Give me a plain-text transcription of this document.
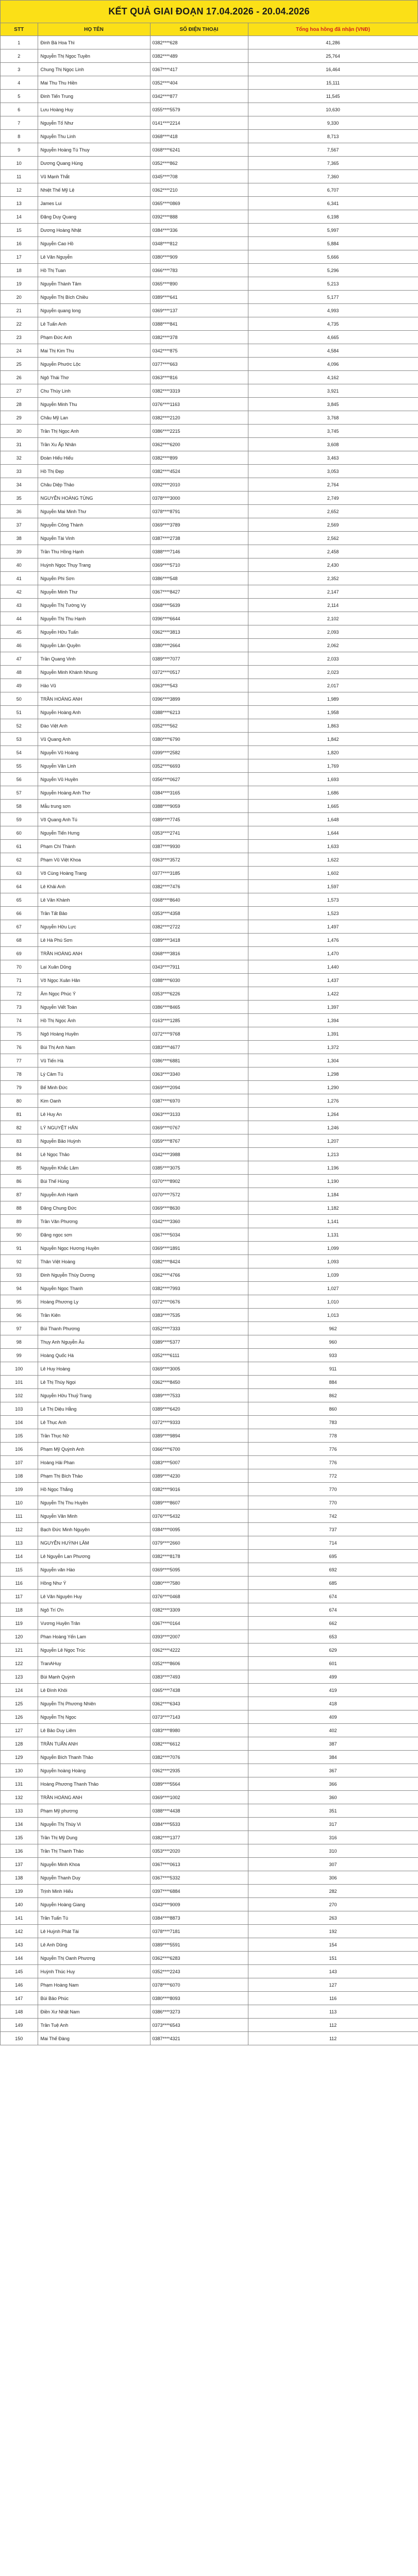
KẾT QUẢ GIAI ĐOẠN 17.04.2026 - 20.04.2026
STT	HỌ TÊN	SỐ ĐIỆN THOẠI	Tổng hoa hồng đã nhận (VNĐ)
1	Đinh Bá Hoa Thì	0382****628	41,286
2	Nguyễn Thị Ngọc Tuyền	0382****489	25,764
3	Chung Thị Ngọc Linh	0367****417	16,464
4	Mai Thu Thu Hiền	0352****404	15,111
5	Đinh Tiến Trung	0342****877	11,545
6	Lưu Hoàng Huy	0355****5579	10,630
7	Nguyễn Tố Như	0141****2214	9,330
8	Nguyễn Thu Linh	0368****418	8,713
9	Nguyễn Hoàng Tú Thuy	0368****6241	7,567
10	Dương Quang Hùng	0352****862	7,365
11	Vũ Mạnh Thắt	0345****708	7,360
12	Nhiệt Thế Mỹ Lệ	0362****210	6,707
13	James Lui	0365****0869	6,341
14	Đặng Duy Quang	0392****888	6,198
15	Dương Hoàng Nhật	0384****336	5,997
16	Nguyễn Cao Hồ	0348****812	5,884
17	Lê Văn Nguyễn	0380****909	5,666
18	Hồ Thị Tuan	0366****783	5,296
19	Nguyễn Thành Tâm	0365****890	5,213
20	Nguyễn Thị Bích Chiều	0389****641	5,177
21	Nguyễn quang long	0369****137	4,993
22	Lê Tuấn Anh	0388****841	4,735
23	Phạm Đức Anh	0382****378	4,665
24	Mai Thị Kim Thu	0342****875	4,584
25	Nguyễn Phước Lộc	0377****663	4,096
26	Ngô Thái Thơ	0363****816	4,162
27	Chu Thùy Linh	0382****3319	3,921
28	Nguyễn Minh Thu	0376****1163	3,845
29	Châu Mỹ Lan	0382****2120	3,768
30	Trần Thị Ngọc Anh	0386****2215	3,745
31	Trần Xu Ấp Nhân	0362****6200	3,608
32	Đoàn Hiếu Hiếu	0382****899	3,463
33	Hồ Thị Đẹp	0382****4524	3,053
34	Châu Diệp Thảo	0392****2010	2,764
35	NGUYỄN HOÀNG TÙNG	0378****3000	2,749
36	Nguyễn Mai Minh Thư	0378****8791	2,652
37	Nguyễn Công Thành	0369****3789	2,569
38	Nguyễn Tài Vinh	0387****2738	2,562
39	Trần Thu Hồng Hạnh	0388****7146	2,458
40	Huỳnh Ngọc Thụy Trang	0369****5710	2,430
41	Nguyễn Phi Sơn	0386****548	2,352
42	Nguyễn Minh Thư	0367****8427	2,147
43	Nguyễn Thị Tường Vy	0368****5639	2,114
44	Nguyễn Thị Thu Hạnh	0396****6644	2,102
45	Nguyễn Hữu Tuấn	0362****3813	2,093
46	Nguyễn Lân Quyền	0380****2664	2,062
47	Trần Quang Vinh	0389****7077	2,033
48	Nguyễn Minh Khánh Nhung	0372****0517	2,023
49	Hảo Vũ	0363****543	2,017
50	TRẦN HOÀNG ANH	0396****3899	1,989
51	Nguyễn Hoàng Anh	0388****6213	1,958
52	Đào Việt Anh	0352****562	1,863
53	Vũ Quang Anh	0380****6790	1,842
54	Nguyễn Vũ Hoàng	0399****2582	1,820
55	Nguyễn Văn Linh	0352****6693	1,769
56	Nguyễn Vũ Huyền	0356****0627	1,693
57	Nguyễn Hoàng Anh Thơ	0384****3165	1,686
58	Mẫu trung sơn	0388****9059	1,665
59	Võ Quang Anh Tú	0389****7745	1,648
60	Nguyễn Tiến Hưng	0353****2741	1,644
61	Phạm Chí Thành	0387****9930	1,633
62	Phạm Vũ Việt Khoa	0363****3572	1,622
63	Võ Cùng Hoàng Trang	0377****3185	1,602
64	Lê Khải Anh	0382****7476	1,597
65	Lê Vân Khánh	0368****8640	1,573
66	Trần Tất Bảo	0353****4358	1,523
67	Nguyễn Hữu Lực	0382****2722	1,497
68	Lê Hà Phú Sơn	0389****3418	1,476
69	TRẦN HOÀNG ANH	0368****3816	1,470
70	Lại Xuân Dũng	0343****7911	1,440
71	Võ Ngọc Xuân Hân	0388****6030	1,437
72	Âm Ngọc Phúc Ý	0353****6226	1,422
73	Nguyễn Viết Toàn	0386****8465	1,397
74	Hồ Thị Ngọc Ánh	0163****1285	1,394
75	Ngô Hoàng Huyền	0372****9768	1,391
76	Bùi Thị Anh Nam	0383****4677	1,372
77	Vũ Tiến Hà	0386****6881	1,304
78	Lý Cảm Tú	0363****3340	1,298
79	Bế Minh Đức	0369****2094	1,290
80	Kim Oanh	0387****6970	1,276
81	Lê Huy An	0363****3133	1,264
82	LÝ NGUYỆT HẰN	0369****0767	1,246
83	Nguyễn Bảo Huỳnh	0359****8767	1,207
84	Lê Ngọc Thảo	0342****3988	1,213
85	Nguyễn Khắc Lâm	0385****3075	1,196
86	Bùi Thế Hùng	0370****8902	1,190
87	Nguyễn Anh Hạnh	0370****7572	1,184
88	Đặng Chung Đức	0369****8630	1,182
89	Trần Văn Phương	0342****3360	1,141
90	Đặng ngọc sơn	0367****5034	1,131
91	Nguyễn Ngọc Hương Huyền	0369****1891	1,099
92	Thân Việt Hoàng	0382****8424	1,093
93	Đinh Nguyễn Thùy Dương	0362****4766	1,039
94	Nguyễn Ngọc Thanh	0382****7993	1,027
95	Hoàng Phương Ly	0372****0676	1,010
96	Trần Kiên	0383****7535	1,013
97	Bùi Thanh Phương	0352****7333	962
98	Thụy Anh Nguyễn Âu	0389****5377	960
99	Hoàng Quốc Hà	0352****6111	933
100	Lê Huy Hoàng	0369****3005	911
101	Lê Thị Thùy Ngọi	0362****8450	884
102	Nguyễn Hữu Thuỷ Trang	0389****7533	862
103	Lê Thị Diệu Hằng	0389****6420	860
104	Lê Thục Anh	0372****9333	783
105	Trần Thục Nữ	0389****9894	778
106	Phạm Mỹ Quỳnh Anh	0366****6700	776
107	Hoàng Hải Phan	0383****5007	776
108	Phạm Thị Bích Thảo	0389****4230	772
109	Hồ Ngọc Thắng	0382****9016	770
110	Nguyễn Thị Thu Huyền	0389****8607	770
111	Nguyễn Văn Minh	0376****5432	742
112	Bạch Đức Minh Nguyên	0384****0095	737
113	NGUYỄN HUỲNH LÂM	0379****2660	714
114	Lê Nguyễn Lan Phương	0382****8178	695
115	Nguyễn văn Hào	0369****5095	692
116	Hồng Như Ý	0380****7580	685
117	Lê Văn Nguyên Huy	0376****0468	674
118	Ngô Trí Ơn	0382****3309	674
119	Vương Huyền Trân	0367****0164	662
120	Phan Hoàng Yến Lam	0393****2007	653
121	Nguyễn Lê Ngọc Trúc	0362****4222	629
122	TranAHuy	0352****8606	601
123	Bùi Mạnh Quỳnh	0383****7493	499
124	Lê Đình Khôi	0365****7438	419
125	Nguyễn Thị Phương Nhiên	0362****6343	418
126	Nguyễn Thị Ngọc	0373****7143	409
127	Lê Bảo Duy Liêm	0383****8980	402
128	TRẦN TUẤN ANH	0382****6612	387
129	Nguyễn Bích Thanh Thảo	0382****7076	384
130	Nguyễn hoàng Hoàng	0362****2935	367
131	Hoàng Phương Thanh Thảo	0389****5564	366
132	TRẦN HOÀNG ANH	0369****1002	360
133	Phạm Mỹ phương	0388****4438	351
134	Nguyễn Thị Thùy Vi	0384****5533	317
135	Trần Thị Mỹ Dung	0382****1377	316
136	Trần Thị Thanh Thảo	0353****2020	310
137	Nguyễn Minh Khoa	0367****0613	307
138	Nguyễn Thanh Duy	0367****5332	306
139	Trịnh Minh Hiếu	0397****6884	282
140	Nguyễn Hoàng Giang	0343****9009	270
141	Trần Tuấn Tú	0384****8873	263
142	Lê Huỳnh Phát Tài	0378****7181	192
143	Lê Anh Dũng	0389****5591	154
144	Nguyễn Thị Oanh Phương	0362****6283	151
145	Huỳnh Thúc Huy	0352****2243	143
146	Phạm Hoàng Nam	0378****6070	127
147	Bùi Bảo Phúc	0380****8093	116
148	Điền Xư Nhật Nam	0386****3273	113
149	Trần Tuệ Anh	0373****6543	112
150	Mai Thế Đàng	0387****4321	112
